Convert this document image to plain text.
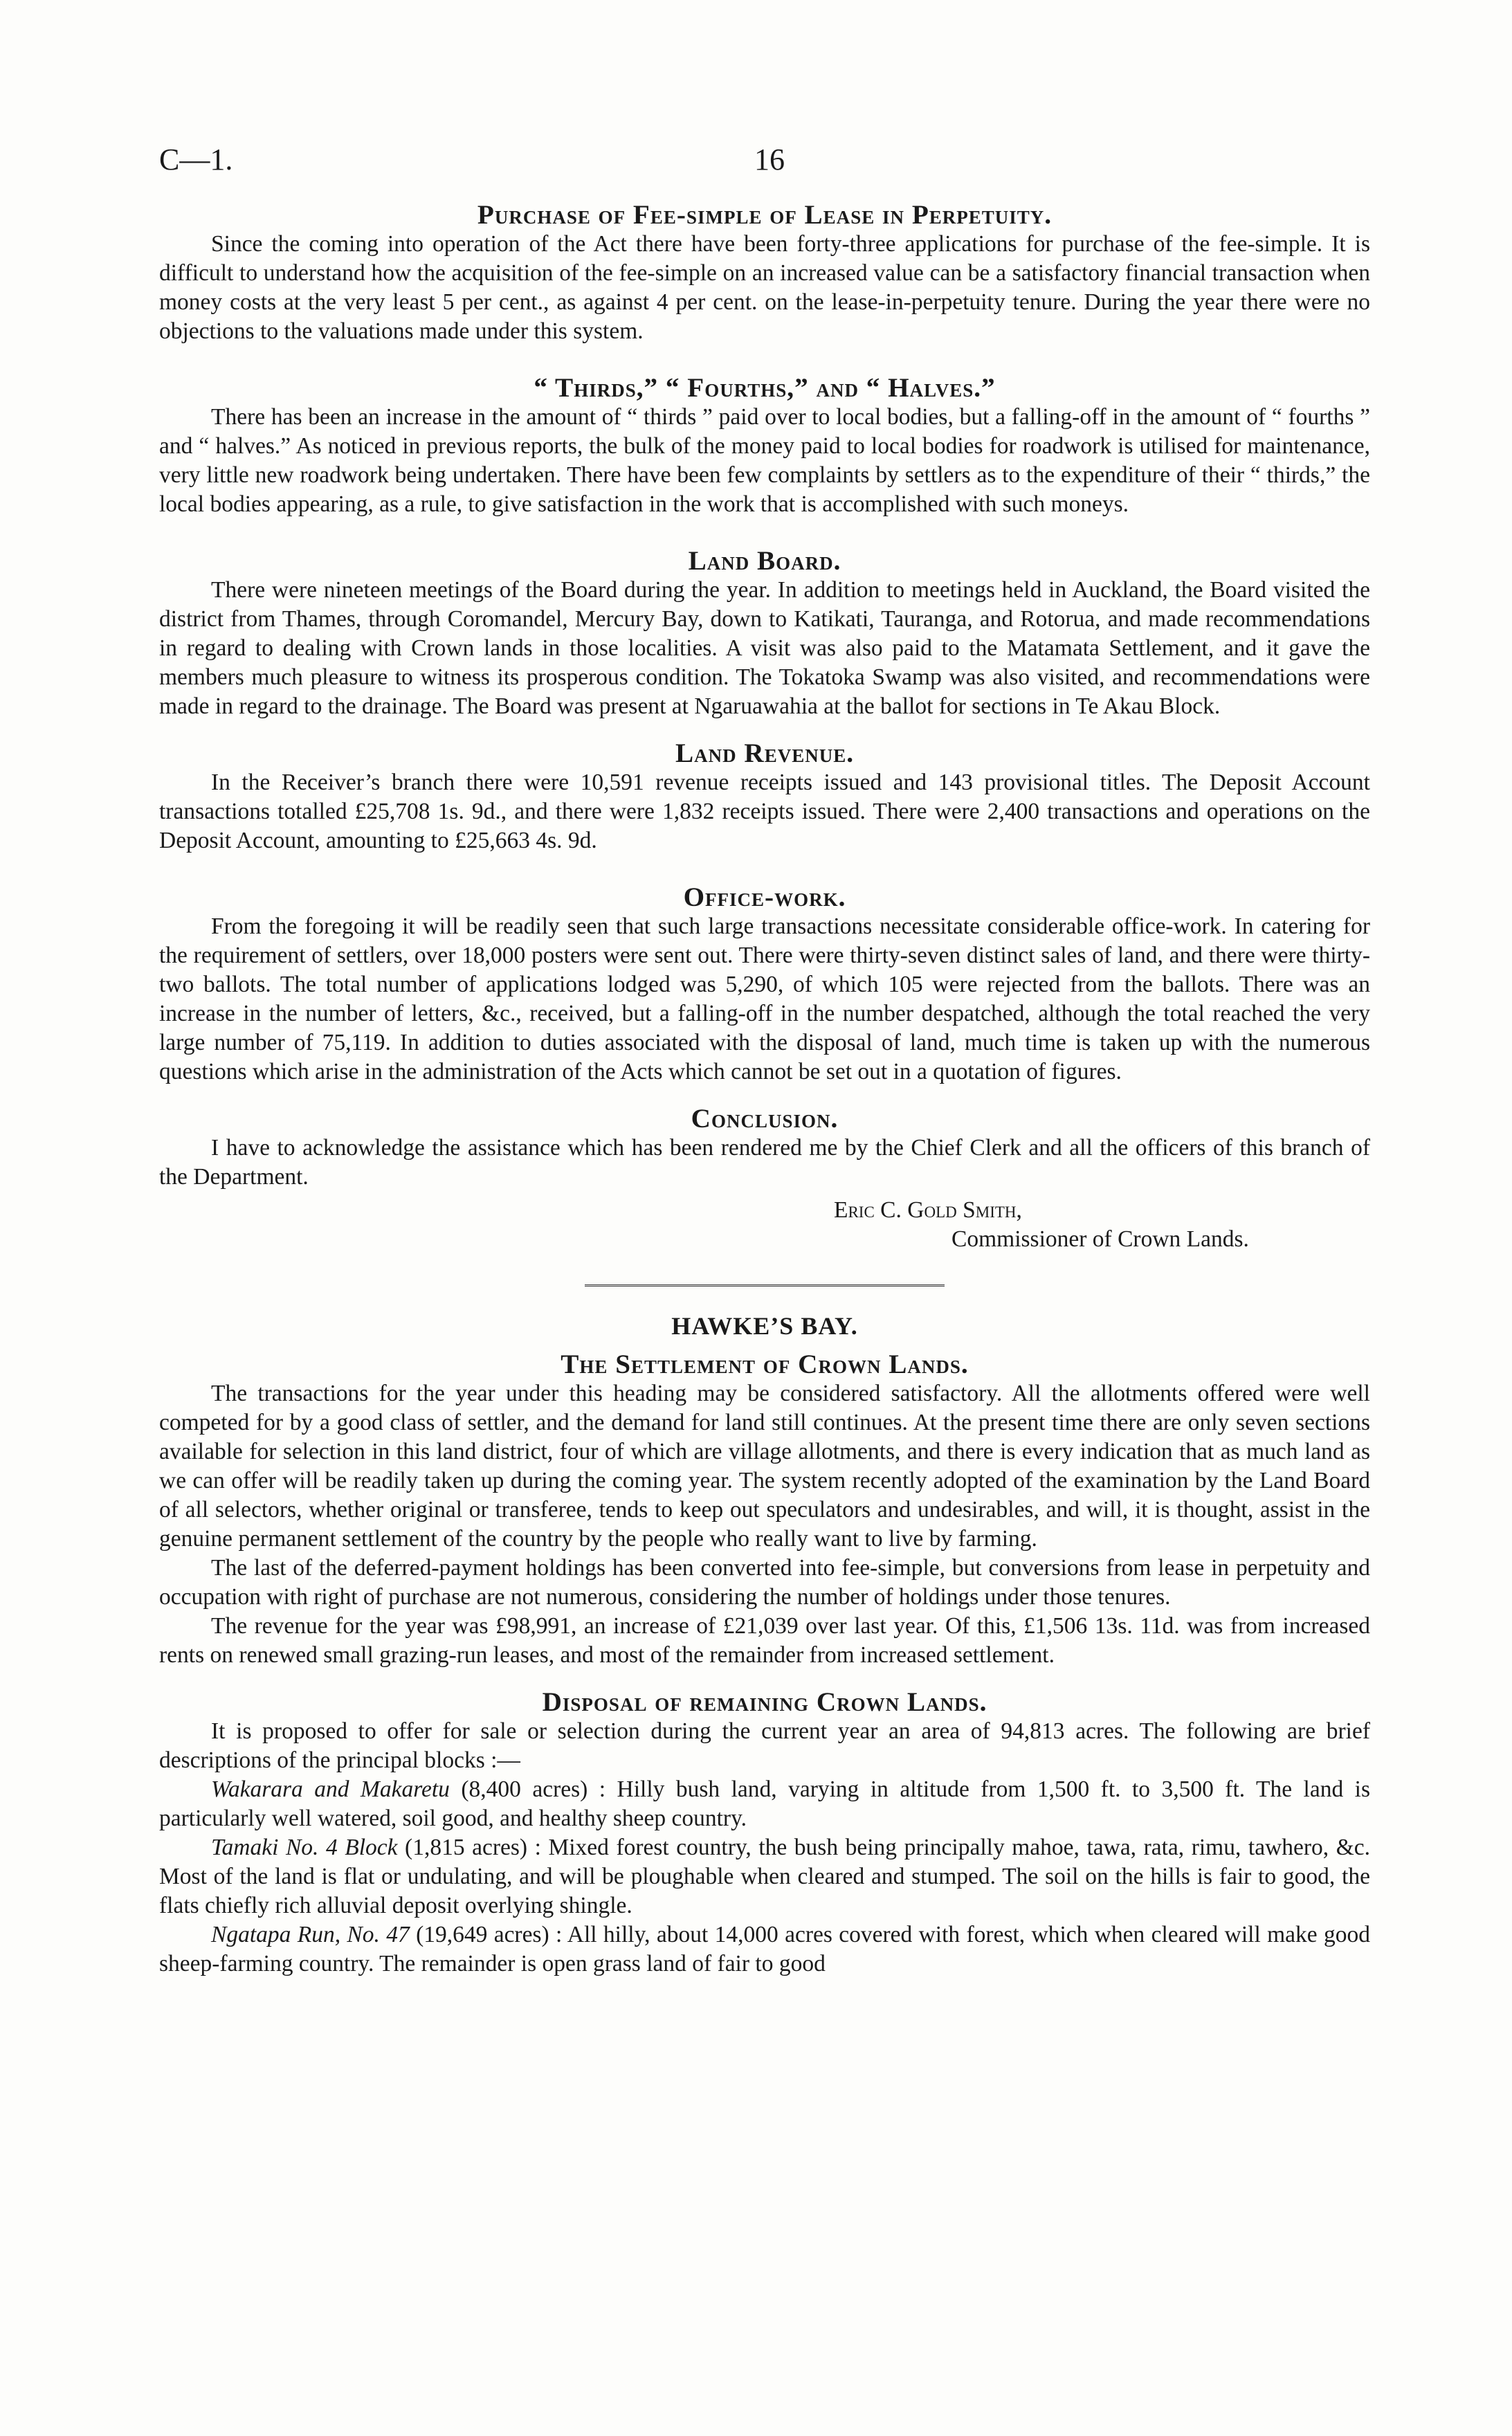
C—1.	16
Purchase of Fee-simple of Lease in Perpetuity.

Since the coming into operation of the Act there have been forty-three applications for purchase of the fee-simple. It is difficult to understand how the acquisition of the fee-simple on an increased value can be a satisfactory financial transaction when money costs at the very least 5 per cent., as against 4 per cent. on the lease-in-perpetuity tenure. During the year there were no objections to the valuations made under this system.

“ Thirds,” “ Fourths,” and “ Halves.”

There has been an increase in the amount of “ thirds ” paid over to local bodies, but a falling-off in the amount of “ fourths ” and “ halves.” As noticed in previous reports, the bulk of the money paid to local bodies for roadwork is utilised for maintenance, very little new roadwork being undertaken. There have been few complaints by settlers as to the expenditure of their “ thirds,” the local bodies appearing, as a rule, to give satisfaction in the work that is accomplished with such moneys.

Land Board.

There were nineteen meetings of the Board during the year. In addition to meetings held in Auckland, the Board visited the district from Thames, through Coromandel, Mercury Bay, down to Katikati, Tauranga, and Rotorua, and made recommendations in regard to dealing with Crown lands in those localities. A visit was also paid to the Matamata Settlement, and it gave the members much pleasure to witness its prosperous condition. The Tokatoka Swamp was also visited, and recommendations were made in regard to the drainage. The Board was present at Ngaruawahia at the ballot for sections in Te Akau Block.

Land Revenue.

In the Receiver’s branch there were 10,591 revenue receipts issued and 143 provisional titles. The Deposit Account transactions totalled £25,708 1s. 9d., and there were 1,832 receipts issued. There were 2,400 transactions and operations on the Deposit Account, amounting to £25,663 4s. 9d.

Office-work.

From the foregoing it will be readily seen that such large transactions necessitate considerable office-work. In catering for the requirement of settlers, over 18,000 posters were sent out. There were thirty-seven distinct sales of land, and there were thirty-two ballots. The total number of applications lodged was 5,290, of which 105 were rejected from the ballots. There was an increase in the number of letters, &c., received, but a falling-off in the number despatched, although the total reached the very large number of 75,119. In addition to duties associated with the disposal of land, much time is taken up with the numerous questions which arise in the administration of the Acts which cannot be set out in a quotation of figures.

Conclusion.

I have to acknowledge the assistance which has been rendered me by the Chief Clerk and all the officers of this branch of the Department.

Eric C. Gold Smith,
Commissioner of Crown Lands.
HAWKE’S BAY.
The Settlement of Crown Lands.

The transactions for the year under this heading may be considered satisfactory. All the allotments offered were well competed for by a good class of settler, and the demand for land still continues. At the present time there are only seven sections available for selection in this land district, four of which are village allotments, and there is every indication that as much land as we can offer will be readily taken up during the coming year. The system recently adopted of the examination by the Land Board of all selectors, whether original or transferee, tends to keep out speculators and undesirables, and will, it is thought, assist in the genuine permanent settlement of the country by the people who really want to live by farming.

The last of the deferred-payment holdings has been converted into fee-simple, but conversions from lease in perpetuity and occupation with right of purchase are not numerous, considering the number of holdings under those tenures.

The revenue for the year was £98,991, an increase of £21,039 over last year. Of this, £1,506 13s. 11d. was from increased rents on renewed small grazing-run leases, and most of the remainder from increased settlement.

Disposal of remaining Crown Lands.

It is proposed to offer for sale or selection during the current year an area of 94,813 acres. The following are brief descriptions of the principal blocks :—

Wakarara and Makaretu (8,400 acres) : Hilly bush land, varying in altitude from 1,500 ft. to 3,500 ft. The land is particularly well watered, soil good, and healthy sheep country.

Tamaki No. 4 Block (1,815 acres) : Mixed forest country, the bush being principally mahoe, tawa, rata, rimu, tawhero, &c. Most of the land is flat or undulating, and will be ploughable when cleared and stumped. The soil on the hills is fair to good, the flats chiefly rich alluvial deposit overlying shingle.

Ngatapa Run, No. 47 (19,649 acres) : All hilly, about 14,000 acres covered with forest, which when cleared will make good sheep-farming country. The remainder is open grass land of fair to good
